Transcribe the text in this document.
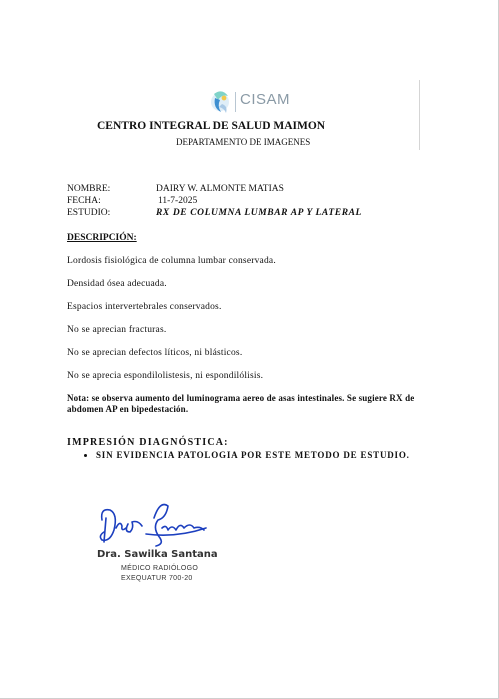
CISAM
CENTRO INTEGRAL DE SALUD MAIMON
DEPARTAMENTO DE IMAGENES
NOMBRE:	DAIRY W. ALMONTE MATIAS
FECHA:	11-7-2025
ESTUDIO:	RX DE COLUMNA LUMBAR AP Y LATERAL
DESCRIPCIÓN:
Lordosis fisiológica de columna lumbar conservada.
Densidad ósea adecuada.
Espacios intervertebrales conservados.
No se aprecian fracturas.
No se aprecian defectos líticos, ni blásticos.
No se aprecia espondilolistesis, ni espondilólisis.
Nota: se observa aumento del luminograma aereo de asas intestinales. Se sugiere RX de abdomen AP en bipedestación.
IMPRESIÓN DIAGNÓSTICA:
• SIN EVIDENCIA PATOLOGIA POR ESTE METODO DE ESTUDIO.
Dra. Sawilka Santana
MÉDICO RADIÓLOGO
EXEQUATUR 700-20
